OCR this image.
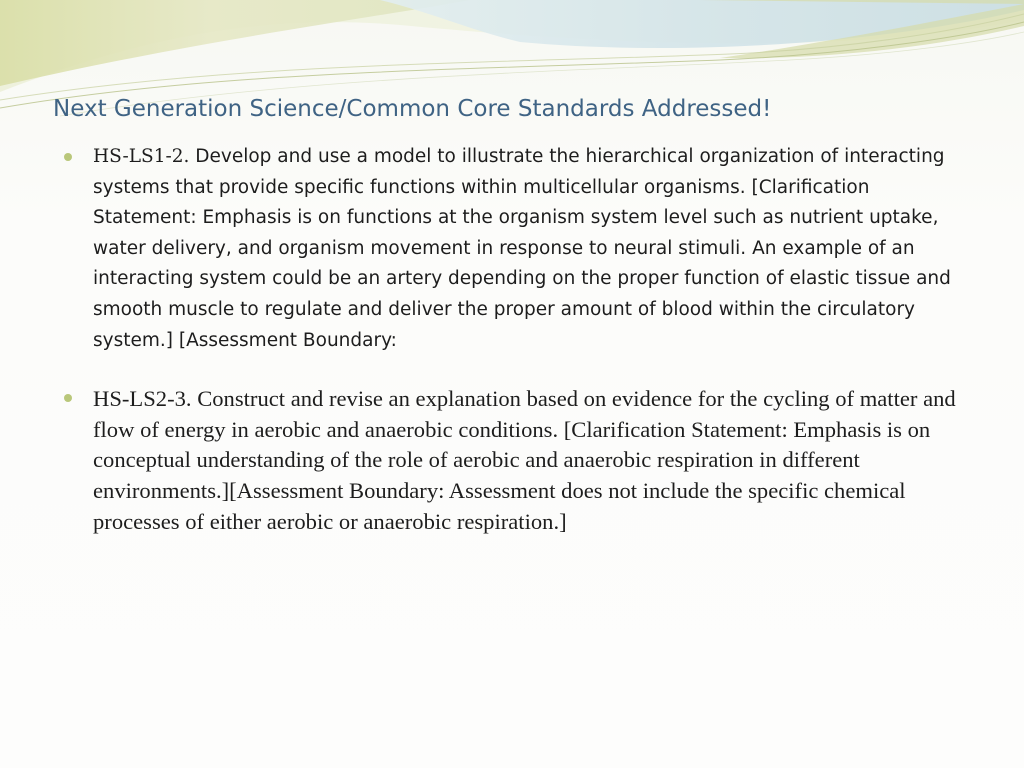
Next Generation Science/Common Core Standards Addressed!
HS-LS1-2. Develop and use a model to illustrate the hierarchical organization of interacting systems that provide specific functions within multicellular organisms. [Clarification Statement: Emphasis is on functions at the organism system level such as nutrient uptake, water delivery, and organism movement in response to neural stimuli. An example of an interacting system could be an artery depending on the proper function of elastic tissue and smooth muscle to regulate and deliver the proper amount of blood within the circulatory system.] [Assessment Boundary:
HS-LS2-3. Construct and revise an explanation based on evidence for the cycling of matter and flow of energy in aerobic and anaerobic conditions. [Clarification Statement: Emphasis is on conceptual understanding of the role of aerobic and anaerobic respiration in different environments.][Assessment Boundary: Assessment does not include the specific chemical processes of either aerobic or anaerobic respiration.]
